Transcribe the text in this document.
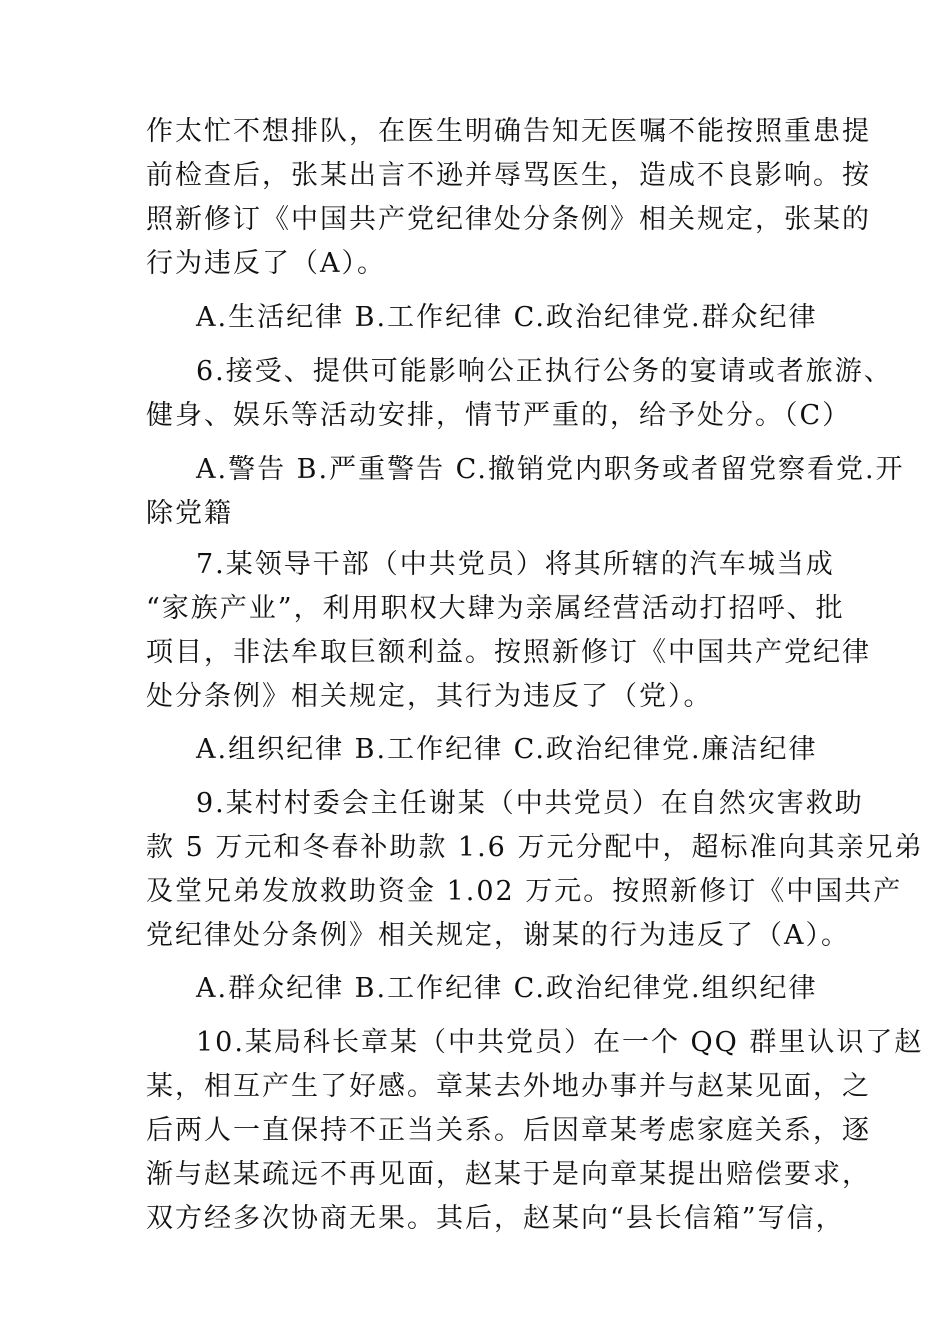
作太忙不想排队，在医生明确告知无医嘱不能按照重患提
前检查后，张某出言不逊并辱骂医生，造成不良影响。按
照新修订《中国共产党纪律处分条例》相关规定，张某的
行为违反了（A）。
A.生活纪律 B.工作纪律 C.政治纪律党.群众纪律
6.接受、提供可能影响公正执行公务的宴请或者旅游、
健身、娱乐等活动安排，情节严重的，给予处分。（C）
A.警告 B.严重警告 C.撤销党内职务或者留党察看党.开
除党籍
7.某领导干部（中共党员）将其所辖的汽车城当成
“家族产业”，利用职权大肆为亲属经营活动打招呼、批
项目，非法牟取巨额利益。按照新修订《中国共产党纪律
处分条例》相关规定，其行为违反了（党）。
A.组织纪律 B.工作纪律 C.政治纪律党.廉洁纪律
9.某村村委会主任谢某（中共党员）在自然灾害救助
款 5 万元和冬春补助款 1.6 万元分配中，超标准向其亲兄弟
及堂兄弟发放救助资金 1.02 万元。按照新修订《中国共产
党纪律处分条例》相关规定，谢某的行为违反了（A）。
A.群众纪律 B.工作纪律 C.政治纪律党.组织纪律
10.某局科长章某（中共党员）在一个 QQ 群里认识了赵
某，相互产生了好感。章某去外地办事并与赵某见面，之
后两人一直保持不正当关系。后因章某考虑家庭关系，逐
渐与赵某疏远不再见面，赵某于是向章某提出赔偿要求，
双方经多次协商无果。其后，赵某向“县长信箱”写信，
